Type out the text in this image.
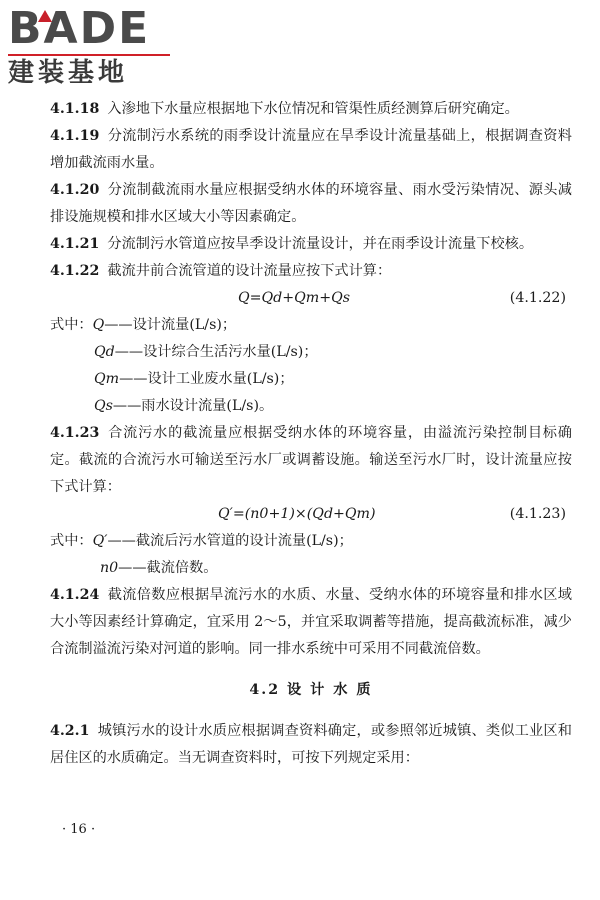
BADE
建装基地

4.1.18 入渗地下水量应根据地下水位情况和管渠性质经测算后研究确定。

4.1.19 分流制污水系统的雨季设计流量应在旱季设计流量基础上，根据调查资料增加截流雨水量。

4.1.20 分流制截流雨水量应根据受纳水体的环境容量、雨水受污染情况、源头减排设施规模和排水区域大小等因素确定。

4.1.21 分流制污水管道应按旱季设计流量设计，并在雨季设计流量下校核。

4.1.22 截流井前合流管道的设计流量应按下式计算：

Q=Qd+Qm+Qs	(4.1.22)

式中：Q——设计流量(L/s)；

Qd——设计综合生活污水量(L/s)；

Qm——设计工业废水量(L/s)；

Qs——雨水设计流量(L/s)。

4.1.23 合流污水的截流量应根据受纳水体的环境容量，由溢流污染控制目标确定。截流的合流污水可输送至污水厂或调蓄设施。输送至污水厂时，设计流量应按下式计算：

Q′=(n0+1)×(Qd+Qm)	(4.1.23)

式中：Q′——截流后污水管道的设计流量(L/s)；

n0——截流倍数。

4.1.24 截流倍数应根据旱流污水的水质、水量、受纳水体的环境容量和排水区域大小等因素经计算确定，宜采用 2～5，并宜采取调蓄等措施，提高截流标准，减少合流制溢流污染对河道的影响。同一排水系统中可采用不同截流倍数。

4.2 设 计 水 质

4.2.1 城镇污水的设计水质应根据调查资料确定，或参照邻近城镇、类似工业区和居住区的水质确定。当无调查资料时，可按下列规定采用：

· 16 ·
